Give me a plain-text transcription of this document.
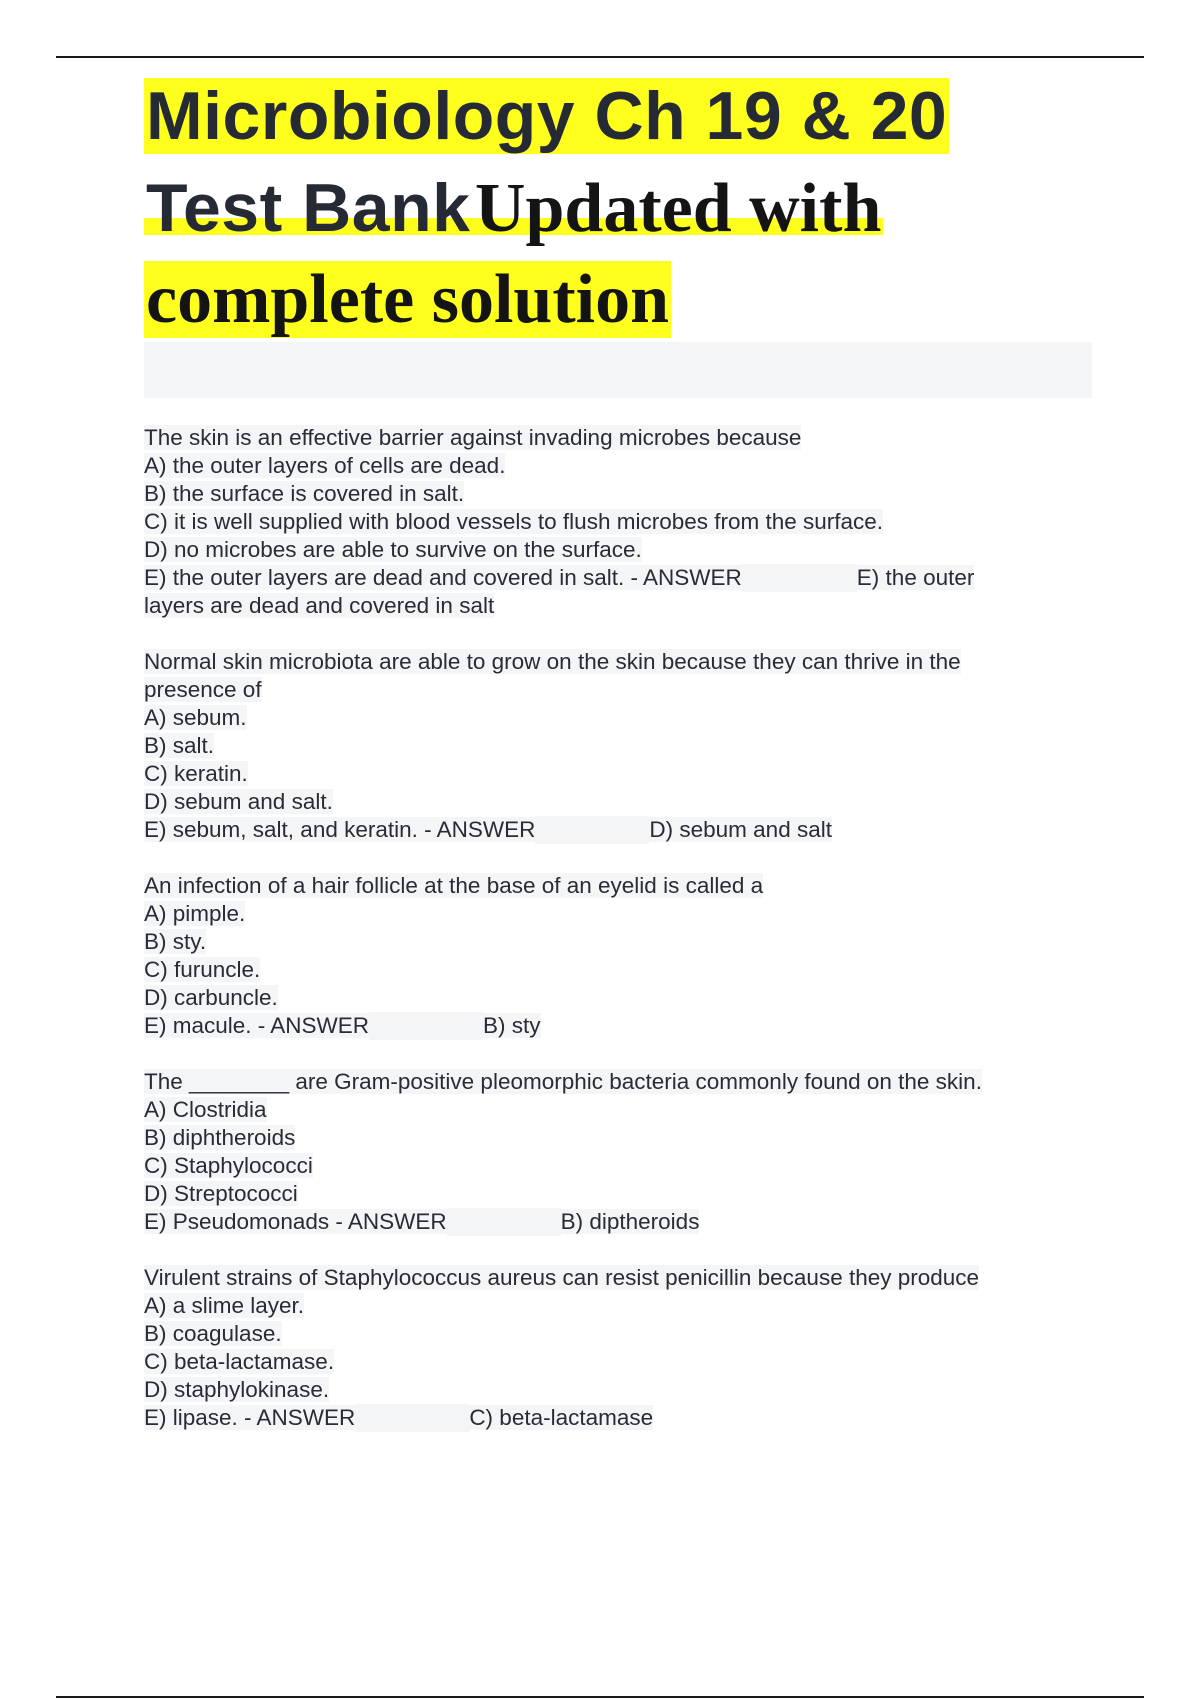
Microbiology Ch 19 & 20
Test Bank Updated with
complete solution

The skin is an effective barrier against invading microbes because

A) the outer layers of cells are dead.

B) the surface is covered in salt.

C) it is well supplied with blood vessels to flush microbes from the surface.

D) no microbes are able to survive on the surface.

E) the outer layers are dead and covered in salt. - ANSWER	E) the outer

layers are dead and covered in salt

Normal skin microbiota are able to grow on the skin because they can thrive in the

presence of

A) sebum.

B) salt.

C) keratin.

D) sebum and salt.

E) sebum, salt, and keratin. - ANSWER	D) sebum and salt

An infection of a hair follicle at the base of an eyelid is called a

A) pimple.

B) sty.

C) furuncle.

D) carbuncle.

E) macule. - ANSWER	B) sty

The ________ are Gram-positive pleomorphic bacteria commonly found on the skin.

A) Clostridia

B) diphtheroids

C) Staphylococci

D) Streptococci

E) Pseudomonads - ANSWER	B) diptheroids

Virulent strains of Staphylococcus aureus can resist penicillin because they produce

A) a slime layer.

B) coagulase.

C) beta-lactamase.

D) staphylokinase.

E) lipase. - ANSWER	C) beta-lactamase
